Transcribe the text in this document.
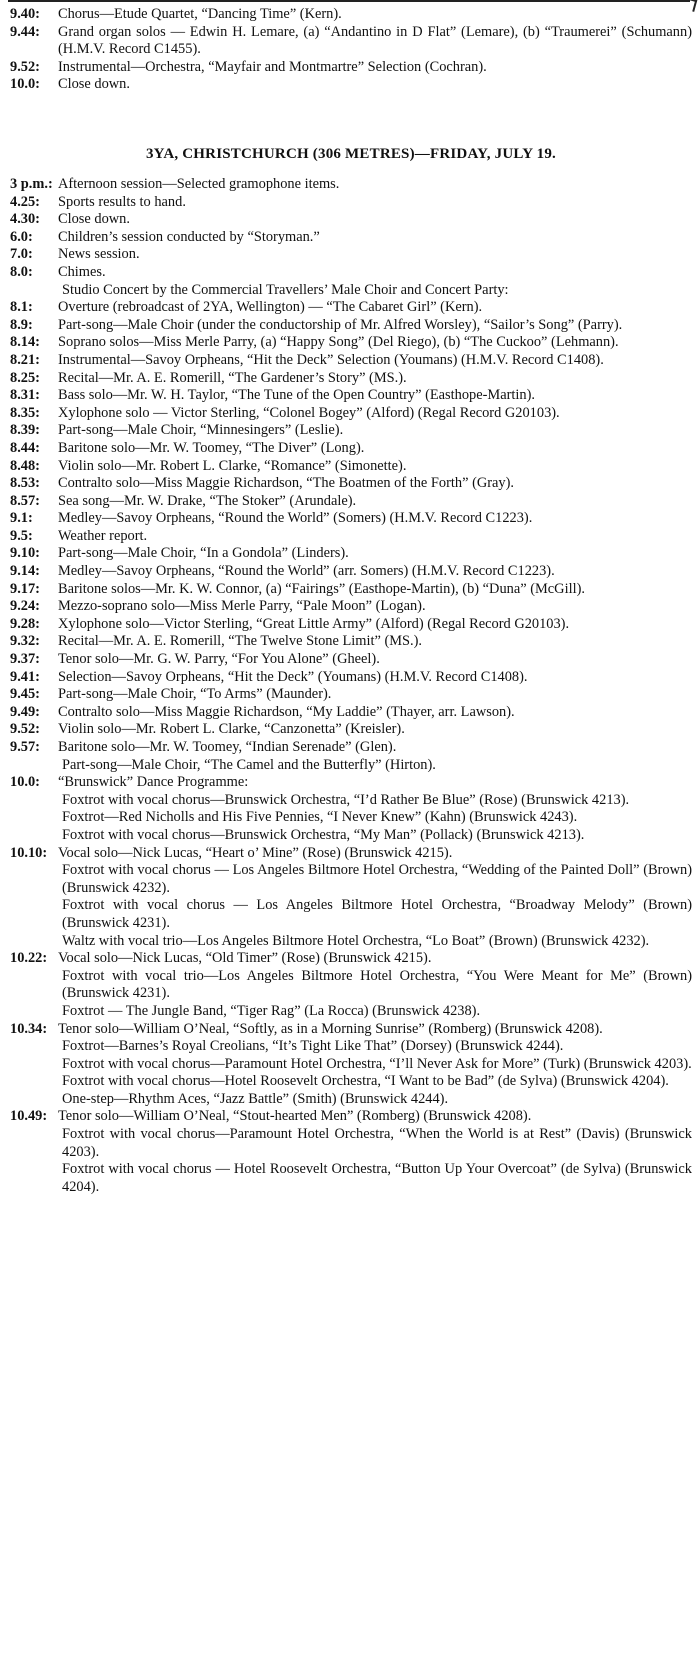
9.40: Chorus—Etude Quartet, “Dancing Time” (Kern).
9.44: Grand organ solos — Edwin H. Lemare, (a) “Andantino in D Flat” (Lemare), (b) “Traumerei” (Schumann) (H.M.V. Record C1455).
9.52: Instrumental—Orchestra, “Mayfair and Montmartre” Selection (Cochran).
10.0: Close down.
3YA, CHRISTCHURCH (306 METRES)—FRIDAY, JULY 19.
3 p.m.: Afternoon session—Selected gramophone items.
4.25: Sports results to hand.
4.30: Close down.
6.0: Children’s session conducted by “Storyman.”
7.0: News session.
8.0: Chimes.
Studio Concert by the Commercial Travellers’ Male Choir and Concert Party:
8.1: Overture (rebroadcast of 2YA, Wellington) — “The Cabaret Girl” (Kern).
8.9: Part-song—Male Choir (under the conductorship of Mr. Alfred Worsley), “Sailor’s Song” (Parry).
8.14: Soprano solos—Miss Merle Parry, (a) “Happy Song” (Del Riego), (b) “The Cuckoo” (Lehmann).
8.21: Instrumental—Savoy Orpheans, “Hit the Deck” Selection (Youmans) (H.M.V. Record C1408).
8.25: Recital—Mr. A. E. Romerill, “The Gardener’s Story” (MS.).
8.31: Bass solo—Mr. W. H. Taylor, “The Tune of the Open Country” (Easthope-Martin).
8.35: Xylophone solo — Victor Sterling, “Colonel Bogey” (Alford) (Regal Record G20103).
8.39: Part-song—Male Choir, “Minnesingers” (Leslie).
8.44: Baritone solo—Mr. W. Toomey, “The Diver” (Long).
8.48: Violin solo—Mr. Robert L. Clarke, “Romance” (Simonette).
8.53: Contralto solo—Miss Maggie Richardson, “The Boatmen of the Forth” (Gray).
8.57: Sea song—Mr. W. Drake, “The Stoker” (Arundale).
9.1: Medley—Savoy Orpheans, “Round the World” (Somers) (H.M.V. Record C1223).
9.5: Weather report.
9.10: Part-song—Male Choir, “In a Gondola” (Linders).
9.14: Medley—Savoy Orpheans, “Round the World” (arr. Somers) (H.M.V. Record C1223).
9.17: Baritone solos—Mr. K. W. Connor, (a) “Fairings” (Easthope-Martin), (b) “Duna” (McGill).
9.24: Mezzo-soprano solo—Miss Merle Parry, “Pale Moon” (Logan).
9.28: Xylophone solo—Victor Sterling, “Great Little Army” (Alford) (Regal Record G20103).
9.32: Recital—Mr. A. E. Romerill, “The Twelve Stone Limit” (MS.).
9.37: Tenor solo—Mr. G. W. Parry, “For You Alone” (Gheel).
9.41: Selection—Savoy Orpheans, “Hit the Deck” (Youmans) (H.M.V. Record C1408).
9.45: Part-song—Male Choir, “To Arms” (Maunder).
9.49: Contralto solo—Miss Maggie Richardson, “My Laddie” (Thayer, arr. Lawson).
9.52: Violin solo—Mr. Robert L. Clarke, “Canzonetta” (Kreisler).
9.57: Baritone solo—Mr. W. Toomey, “Indian Serenade” (Glen).
Part-song—Male Choir, “The Camel and the Butterfly” (Hirton).
10.0: “Brunswick” Dance Programme:
Foxtrot with vocal chorus—Brunswick Orchestra, “I’d Rather Be Blue” (Rose) (Brunswick 4213).
Foxtrot—Red Nicholls and His Five Pennies, “I Never Knew” (Kahn) (Brunswick 4243).
Foxtrot with vocal chorus—Brunswick Orchestra, “My Man” (Pollack) (Brunswick 4213).
10.10: Vocal solo—Nick Lucas, “Heart o’ Mine” (Rose) (Brunswick 4215).
Foxtrot with vocal chorus — Los Angeles Biltmore Hotel Orchestra, “Wedding of the Painted Doll” (Brown) (Brunswick 4232).
Foxtrot with vocal chorus — Los Angeles Biltmore Hotel Orchestra, “Broadway Melody” (Brown) (Brunswick 4231).
Waltz with vocal trio—Los Angeles Biltmore Hotel Orchestra, “Lo Boat” (Brown) (Brunswick 4232).
10.22: Vocal solo—Nick Lucas, “Old Timer” (Rose) (Brunswick 4215).
Foxtrot with vocal trio—Los Angeles Biltmore Hotel Orchestra, “You Were Meant for Me” (Brown) (Brunswick 4231).
Foxtrot — The Jungle Band, “Tiger Rag” (La Rocca) (Brunswick 4238).
10.34: Tenor solo—William O’Neal, “Softly, as in a Morning Sunrise” (Romberg) (Brunswick 4208).
Foxtrot—Barnes’s Royal Creolians, “It’s Tight Like That” (Dorsey) (Brunswick 4244).
Foxtrot with vocal chorus—Paramount Hotel Orchestra, “I’ll Never Ask for More” (Turk) (Brunswick 4203).
Foxtrot with vocal chorus—Hotel Roosevelt Orchestra, “I Want to be Bad” (de Sylva) (Brunswick 4204).
One-step—Rhythm Aces, “Jazz Battle” (Smith) (Brunswick 4244).
10.49: Tenor solo—William O’Neal, “Stout-hearted Men” (Romberg) (Brunswick 4208).
Foxtrot with vocal chorus—Paramount Hotel Orchestra, “When the World is at Rest” (Davis) (Brunswick 4203).
Foxtrot with vocal chorus — Hotel Roosevelt Orchestra, “Button Up Your Overcoat” (de Sylva) (Brunswick 4204).
